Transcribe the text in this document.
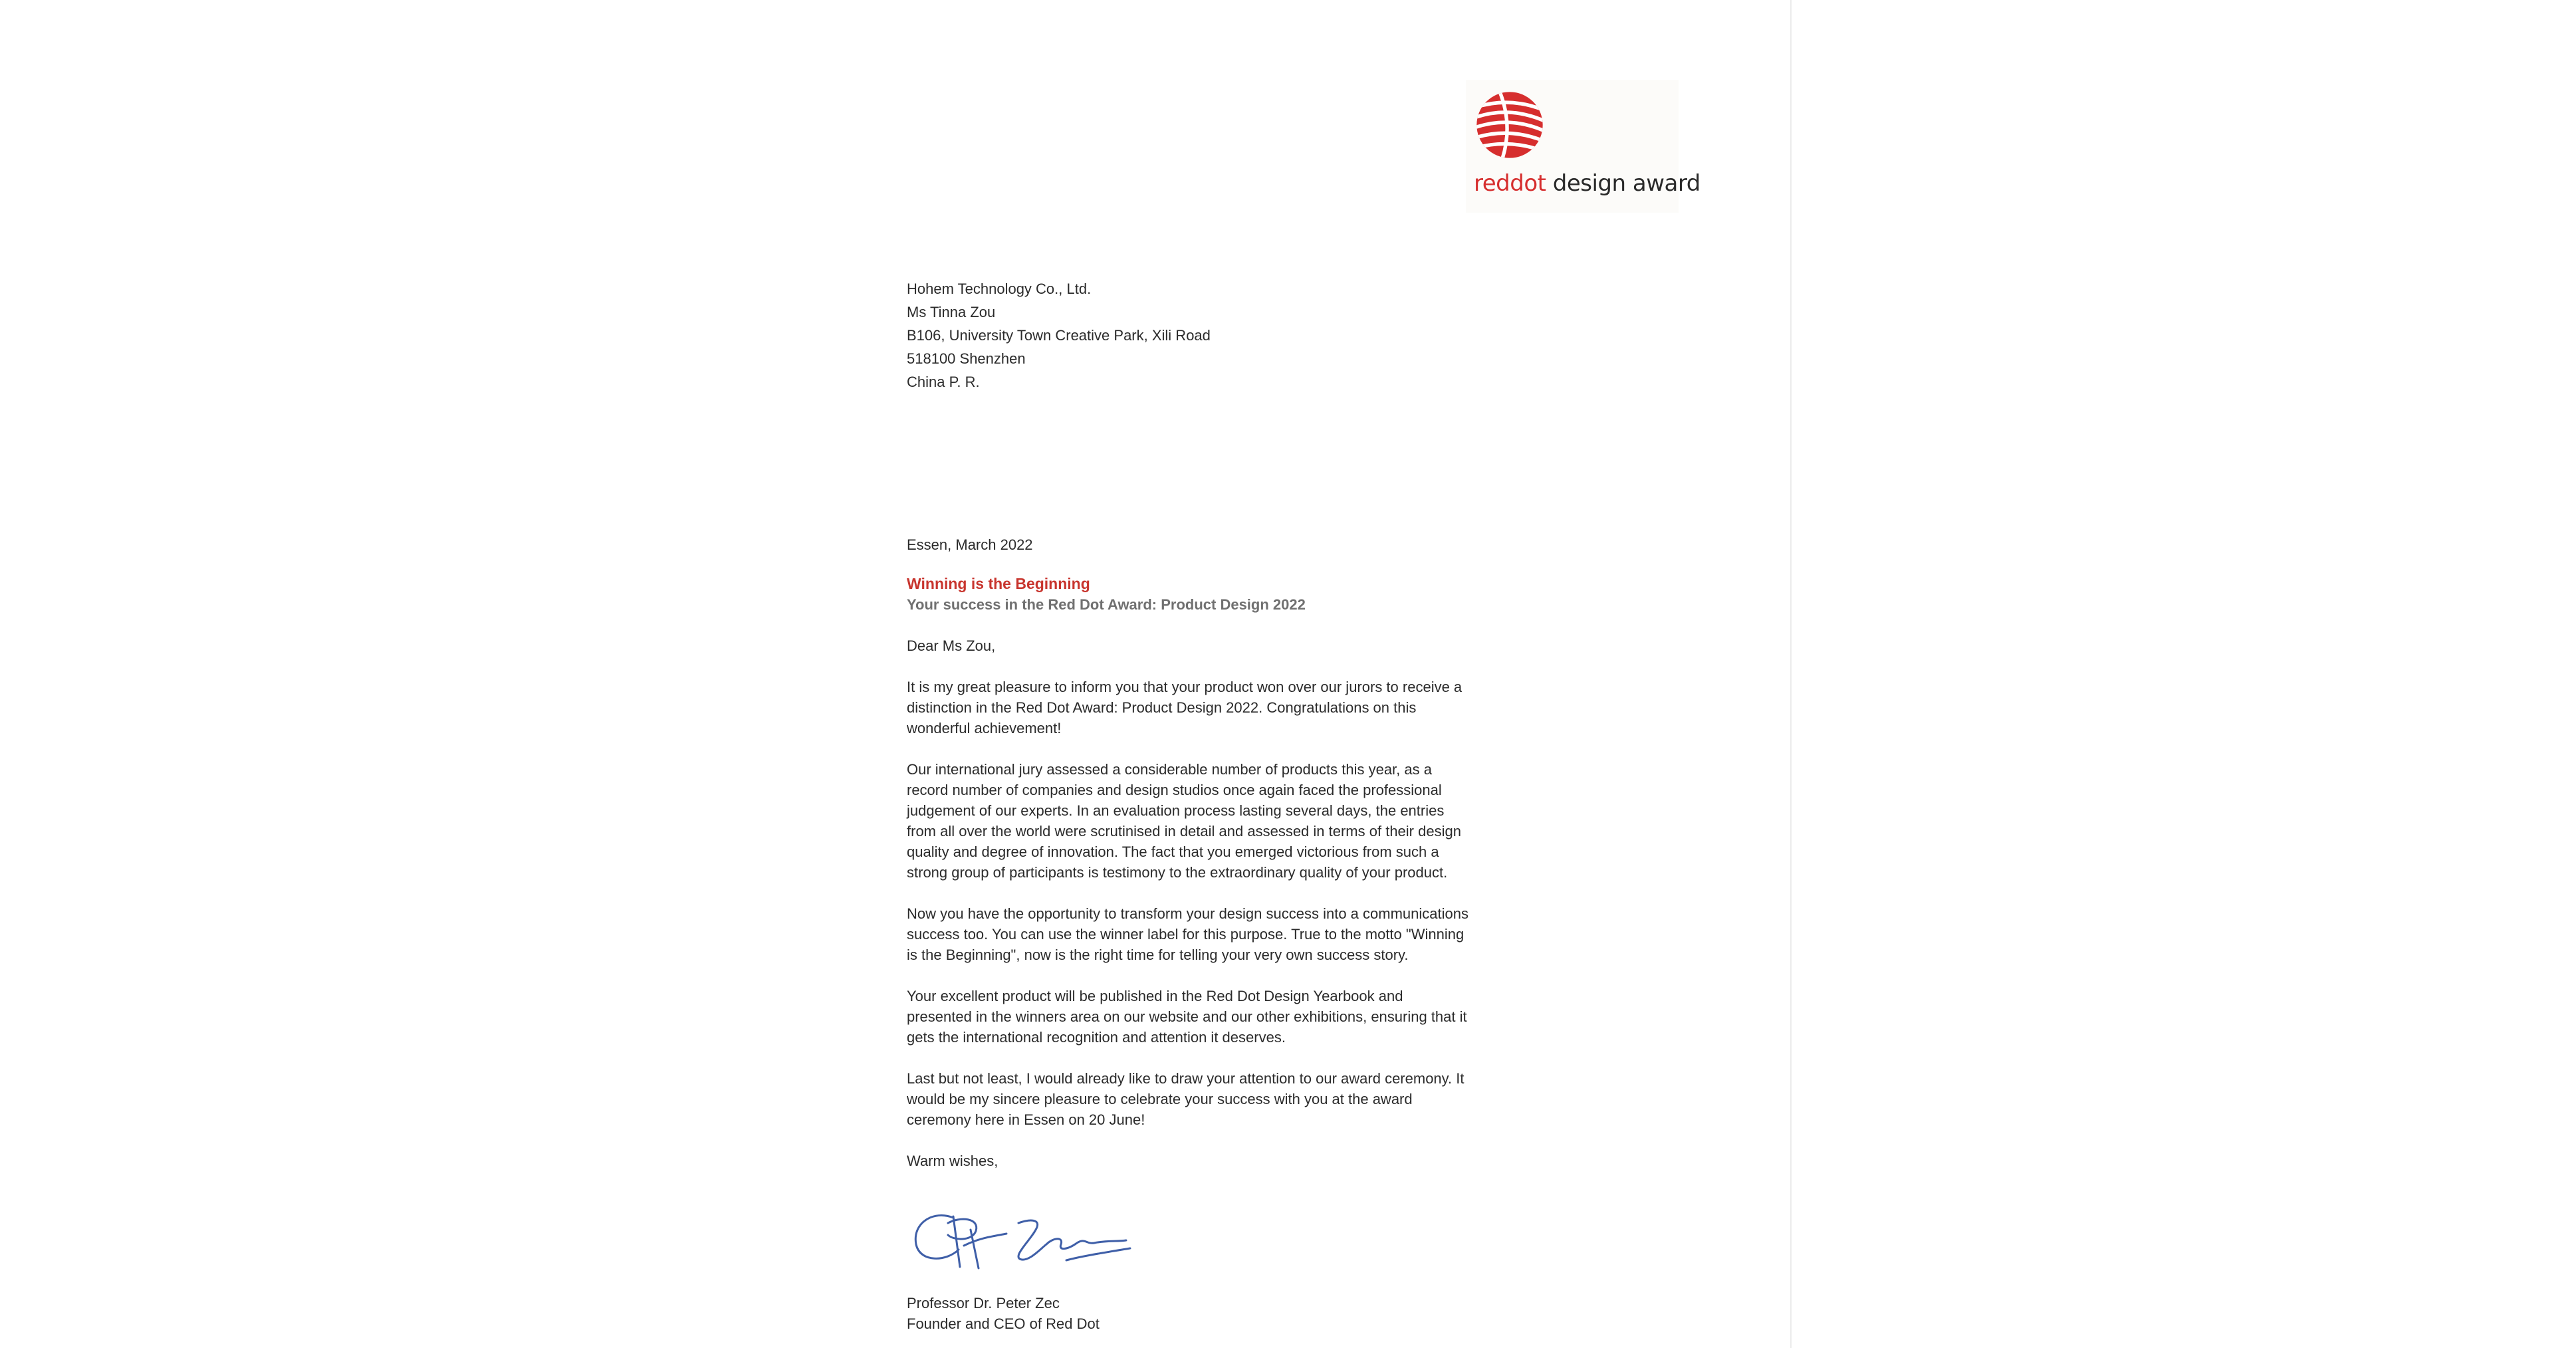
reddot design award

Hohem Technology Co., Ltd.

Ms Tinna Zou

B106, University Town Creative Park, Xili Road

518100 Shenzhen

China P. R.

Essen, March 2022

Winning is the Beginning

Your success in the Red Dot Award: Product Design 2022

Dear Ms Zou,

It is my great pleasure to inform you that your product won over our jurors to receive a distinction in the Red Dot Award: Product Design 2022. Congratulations on this wonderful achievement!

Our international jury assessed a considerable number of products this year, as a record number of companies and design studios once again faced the professional judgement of our experts. In an evaluation process lasting several days, the entries from all over the world were scrutinised in detail and assessed in terms of their design quality and degree of innovation. The fact that you emerged victorious from such a strong group of participants is testimony to the extraordinary quality of your product.

Now you have the opportunity to transform your design success into a communications success too. You can use the winner label for this purpose. True to the motto "Winning is the Beginning", now is the right time for telling your very own success story.

Your excellent product will be published in the Red Dot Design Yearbook and presented in the winners area on our website and our other exhibitions, ensuring that it gets the international recognition and attention it deserves.

Last but not least, I would already like to draw your attention to our award ceremony. It would be my sincere pleasure to celebrate your success with you at the award ceremony here in Essen on 20 June!

Warm wishes,

Professor Dr. Peter Zec

Founder and CEO of Red Dot
